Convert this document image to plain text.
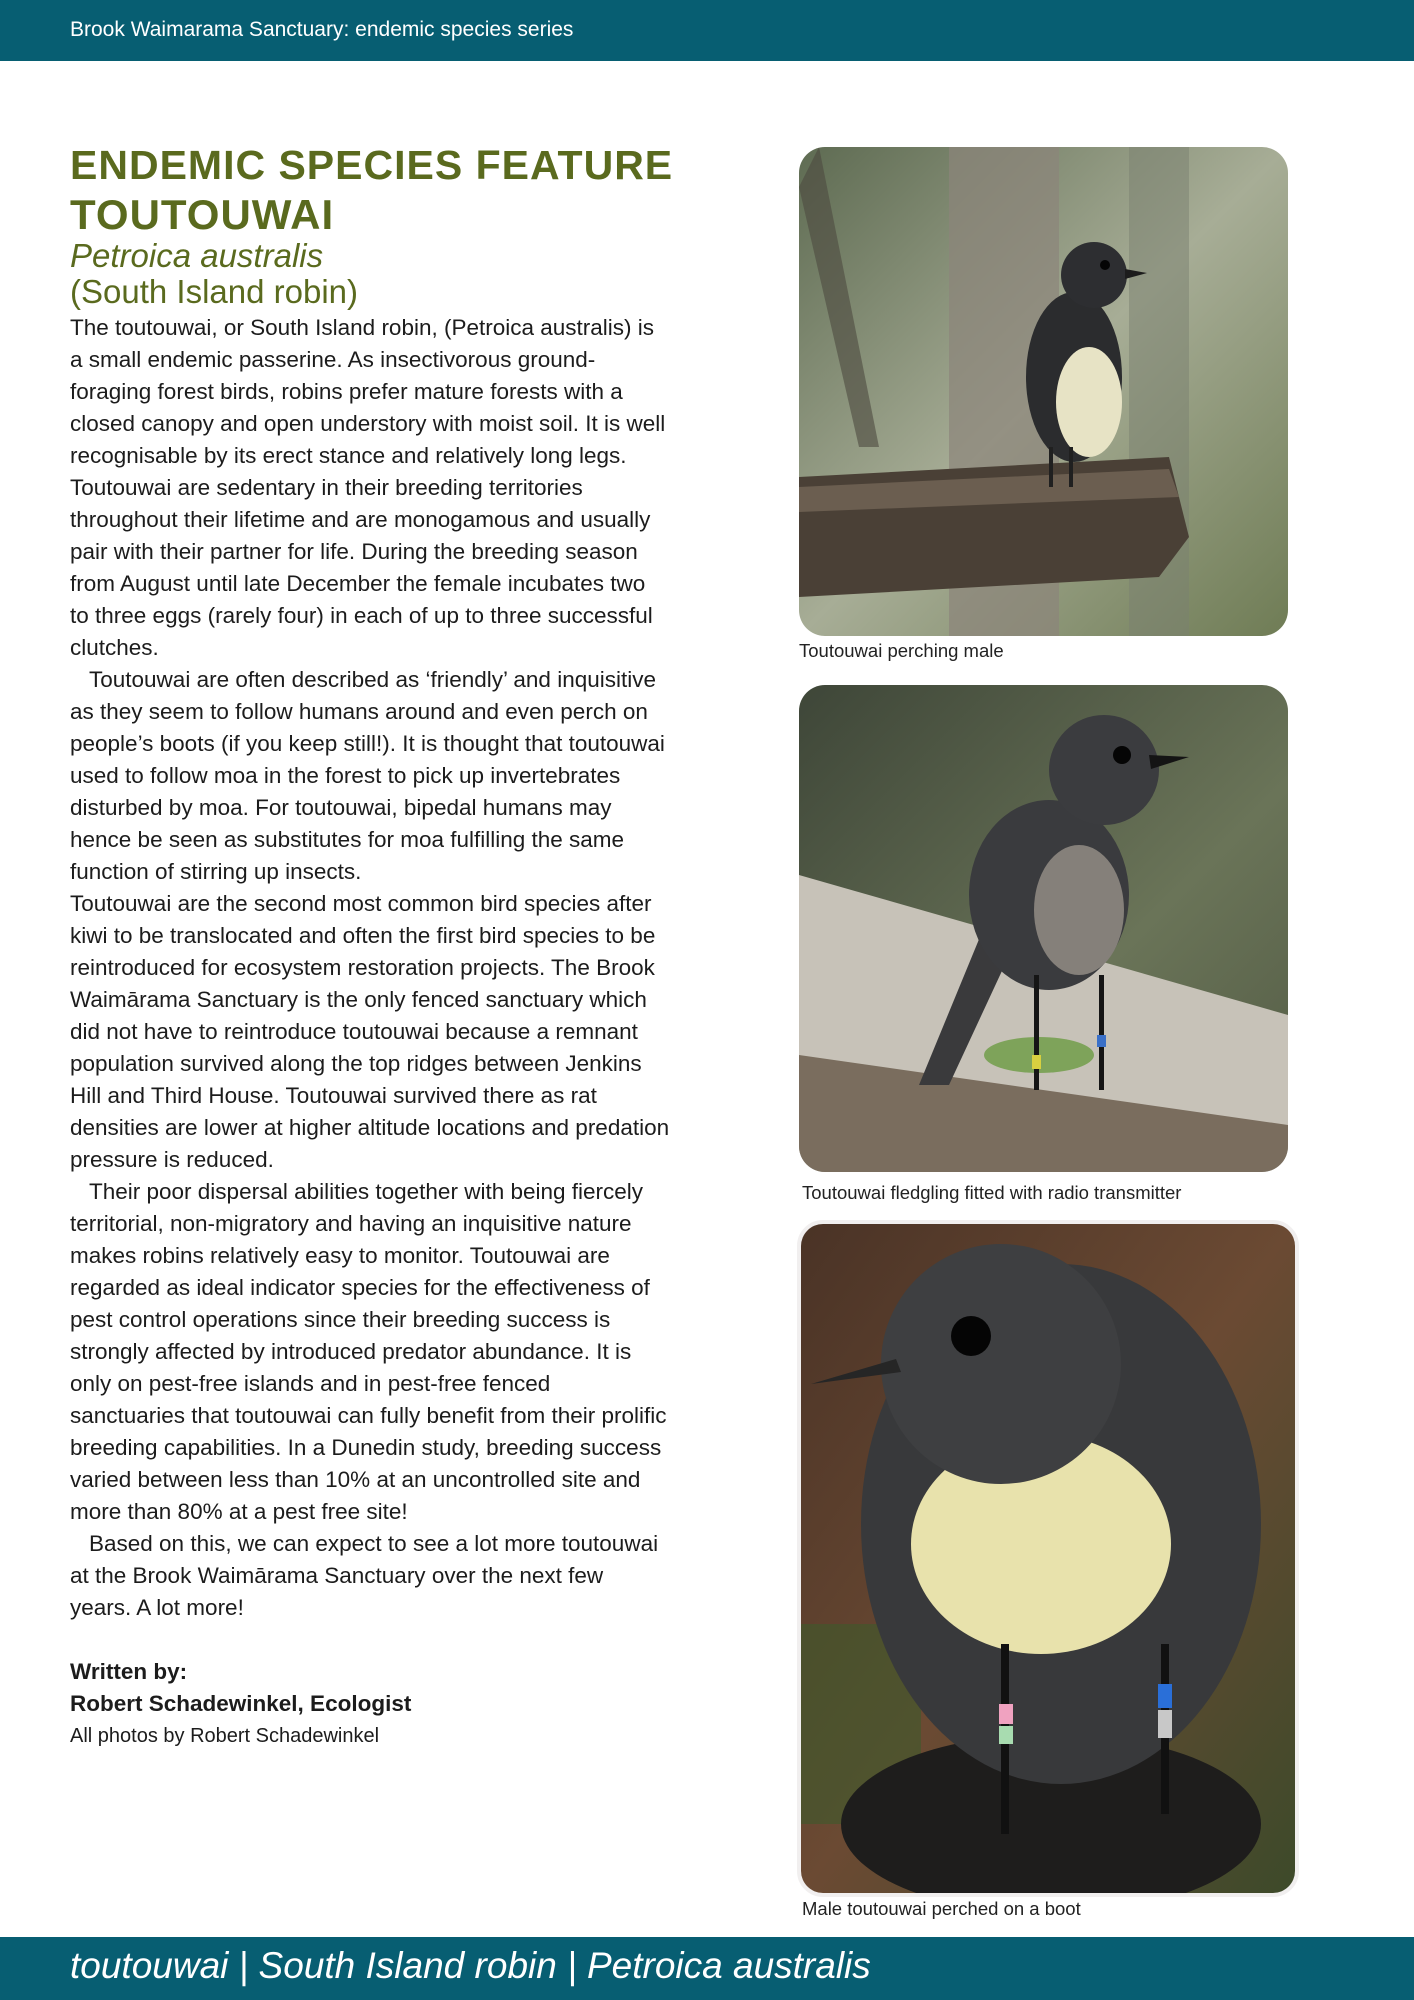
Brook Waimarama Sanctuary: endemic species series
ENDEMIC SPECIES FEATURE
TOUTOUWAI
Petroica australis
(South Island robin)

The toutouwai, or South Island robin, (Petroica australis) is a small endemic passerine. As insectivorous ground-foraging forest birds, robins prefer mature forests with a closed canopy and open understory with moist soil. It is well recognisable by its erect stance and relatively long legs. Toutouwai are sedentary in their breeding territories throughout their lifetime and are monogamous and usually pair with their partner for life. During the breeding season from August until late December the female incubates two to three eggs (rarely four) in each of up to three successful clutches.

Toutouwai are often described as ‘friendly’ and inquisitive as they seem to follow humans around and even perch on people’s boots (if you keep still!). It is thought that toutouwai used to follow moa in the forest to pick up invertebrates disturbed by moa. For toutouwai, bipedal humans may hence be seen as substitutes for moa fulfilling the same function of stirring up insects.

Toutouwai are the second most common bird species after kiwi to be translocated and often the first bird species to be reintroduced for ecosystem restoration projects. The Brook Waimārama Sanctuary is the only fenced sanctuary which did not have to reintroduce toutouwai because a remnant population survived along the top ridges between Jenkins Hill and Third House. Toutouwai survived there as rat densities are lower at higher altitude locations and predation pressure is reduced.

Their poor dispersal abilities together with being fiercely territorial, non-migratory and having an inquisitive nature makes robins relatively easy to monitor. Toutouwai are regarded as ideal indicator species for the effectiveness of pest control operations since their breeding success is strongly affected by introduced predator abundance. It is only on pest-free islands and in pest-free fenced sanctuaries that toutouwai can fully benefit from their prolific breeding capabilities. In a Dunedin study, breeding success varied between less than 10% at an uncontrolled site and more than 80% at a pest free site!

Based on this, we can expect to see a lot more toutouwai at the Brook Waimārama Sanctuary over the next few years. A lot more!

Written by:
Robert Schadewinkel, Ecologist
All photos by Robert Schadewinkel
Toutouwai perching male
Toutouwai fledgling fitted with radio transmitter
Male toutouwai perched on a boot
toutouwai | South Island robin | Petroica australis
